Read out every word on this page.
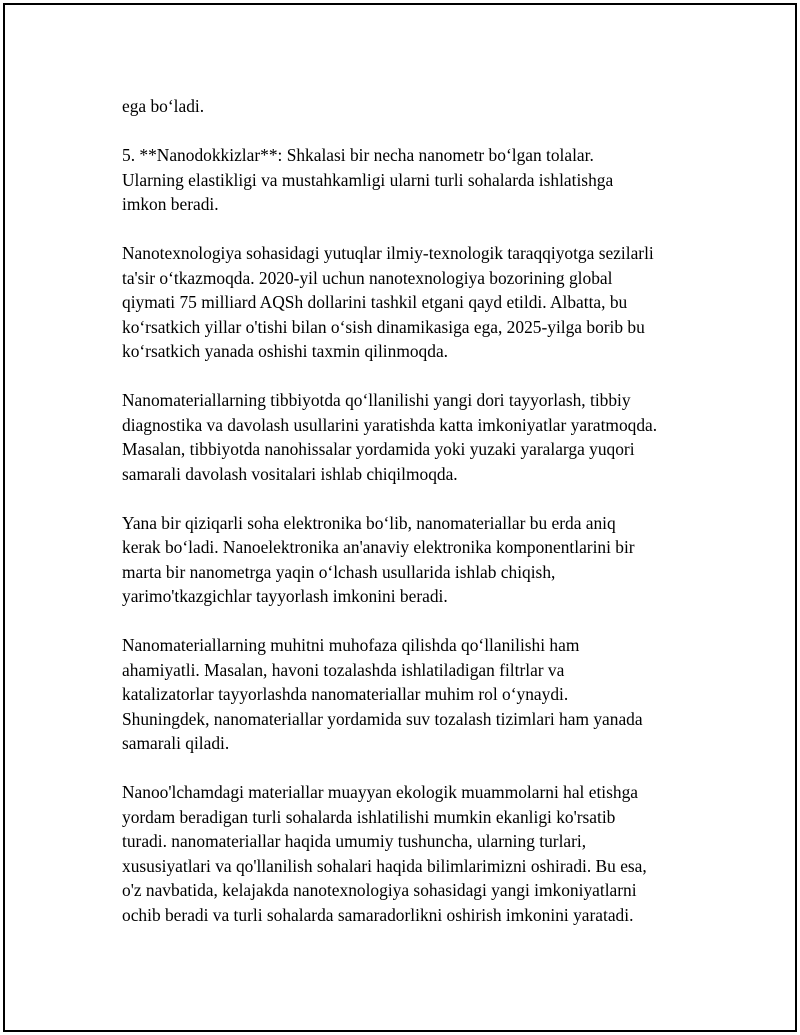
ega bo‘ladi.

5. **Nanodokkizlar**: Shkalasi bir necha nanometr bo‘lgan tolalar.
Ularning elastikligi va mustahkamligi ularni turli sohalarda ishlatishga
imkon beradi.

Nanotexnologiya sohasidagi yutuqlar ilmiy-texnologik taraqqiyotga sezilarli
ta'sir o‘tkazmoqda. 2020-yil uchun nanotexnologiya bozorining global
qiymati 75 milliard AQSh dollarini tashkil etgani qayd etildi. Albatta, bu
ko‘rsatkich yillar o'tishi bilan o‘sish dinamikasiga ega, 2025-yilga borib bu
ko‘rsatkich yanada oshishi taxmin qilinmoqda.

Nanomateriallarning tibbiyotda qo‘llanilishi yangi dori tayyorlash, tibbiy
diagnostika va davolash usullarini yaratishda katta imkoniyatlar yaratmoqda.
Masalan, tibbiyotda nanohissalar yordamida yoki yuzaki yaralarga yuqori
samarali davolash vositalari ishlab chiqilmoqda.

Yana bir qiziqarli soha elektronika bo‘lib, nanomateriallar bu erda aniq
kerak bo‘ladi. Nanoelektronika an'anaviy elektronika komponentlarini bir
marta bir nanometrga yaqin o‘lchash usullarida ishlab chiqish,
yarimo'tkazgichlar tayyorlash imkonini beradi.

Nanomateriallarning muhitni muhofaza qilishda qo‘llanilishi ham
ahamiyatli. Masalan, havoni tozalashda ishlatiladigan filtrlar va
katalizatorlar tayyorlashda nanomateriallar muhim rol o‘ynaydi.
Shuningdek, nanomateriallar yordamida suv tozalash tizimlari ham yanada
samarali qiladi.

Nanoo'lchamdagi materiallar muayyan ekologik muammolarni hal etishga
yordam beradigan turli sohalarda ishlatilishi mumkin ekanligi ko'rsatib
turadi. nanomateriallar haqida umumiy tushuncha, ularning turlari,
xususiyatlari va qo'llanilish sohalari haqida bilimlarimizni oshiradi. Bu esa,
o'z navbatida, kelajakda nanotexnologiya sohasidagi yangi imkoniyatlarni
ochib beradi va turli sohalarda samaradorlikni oshirish imkonini yaratadi.
